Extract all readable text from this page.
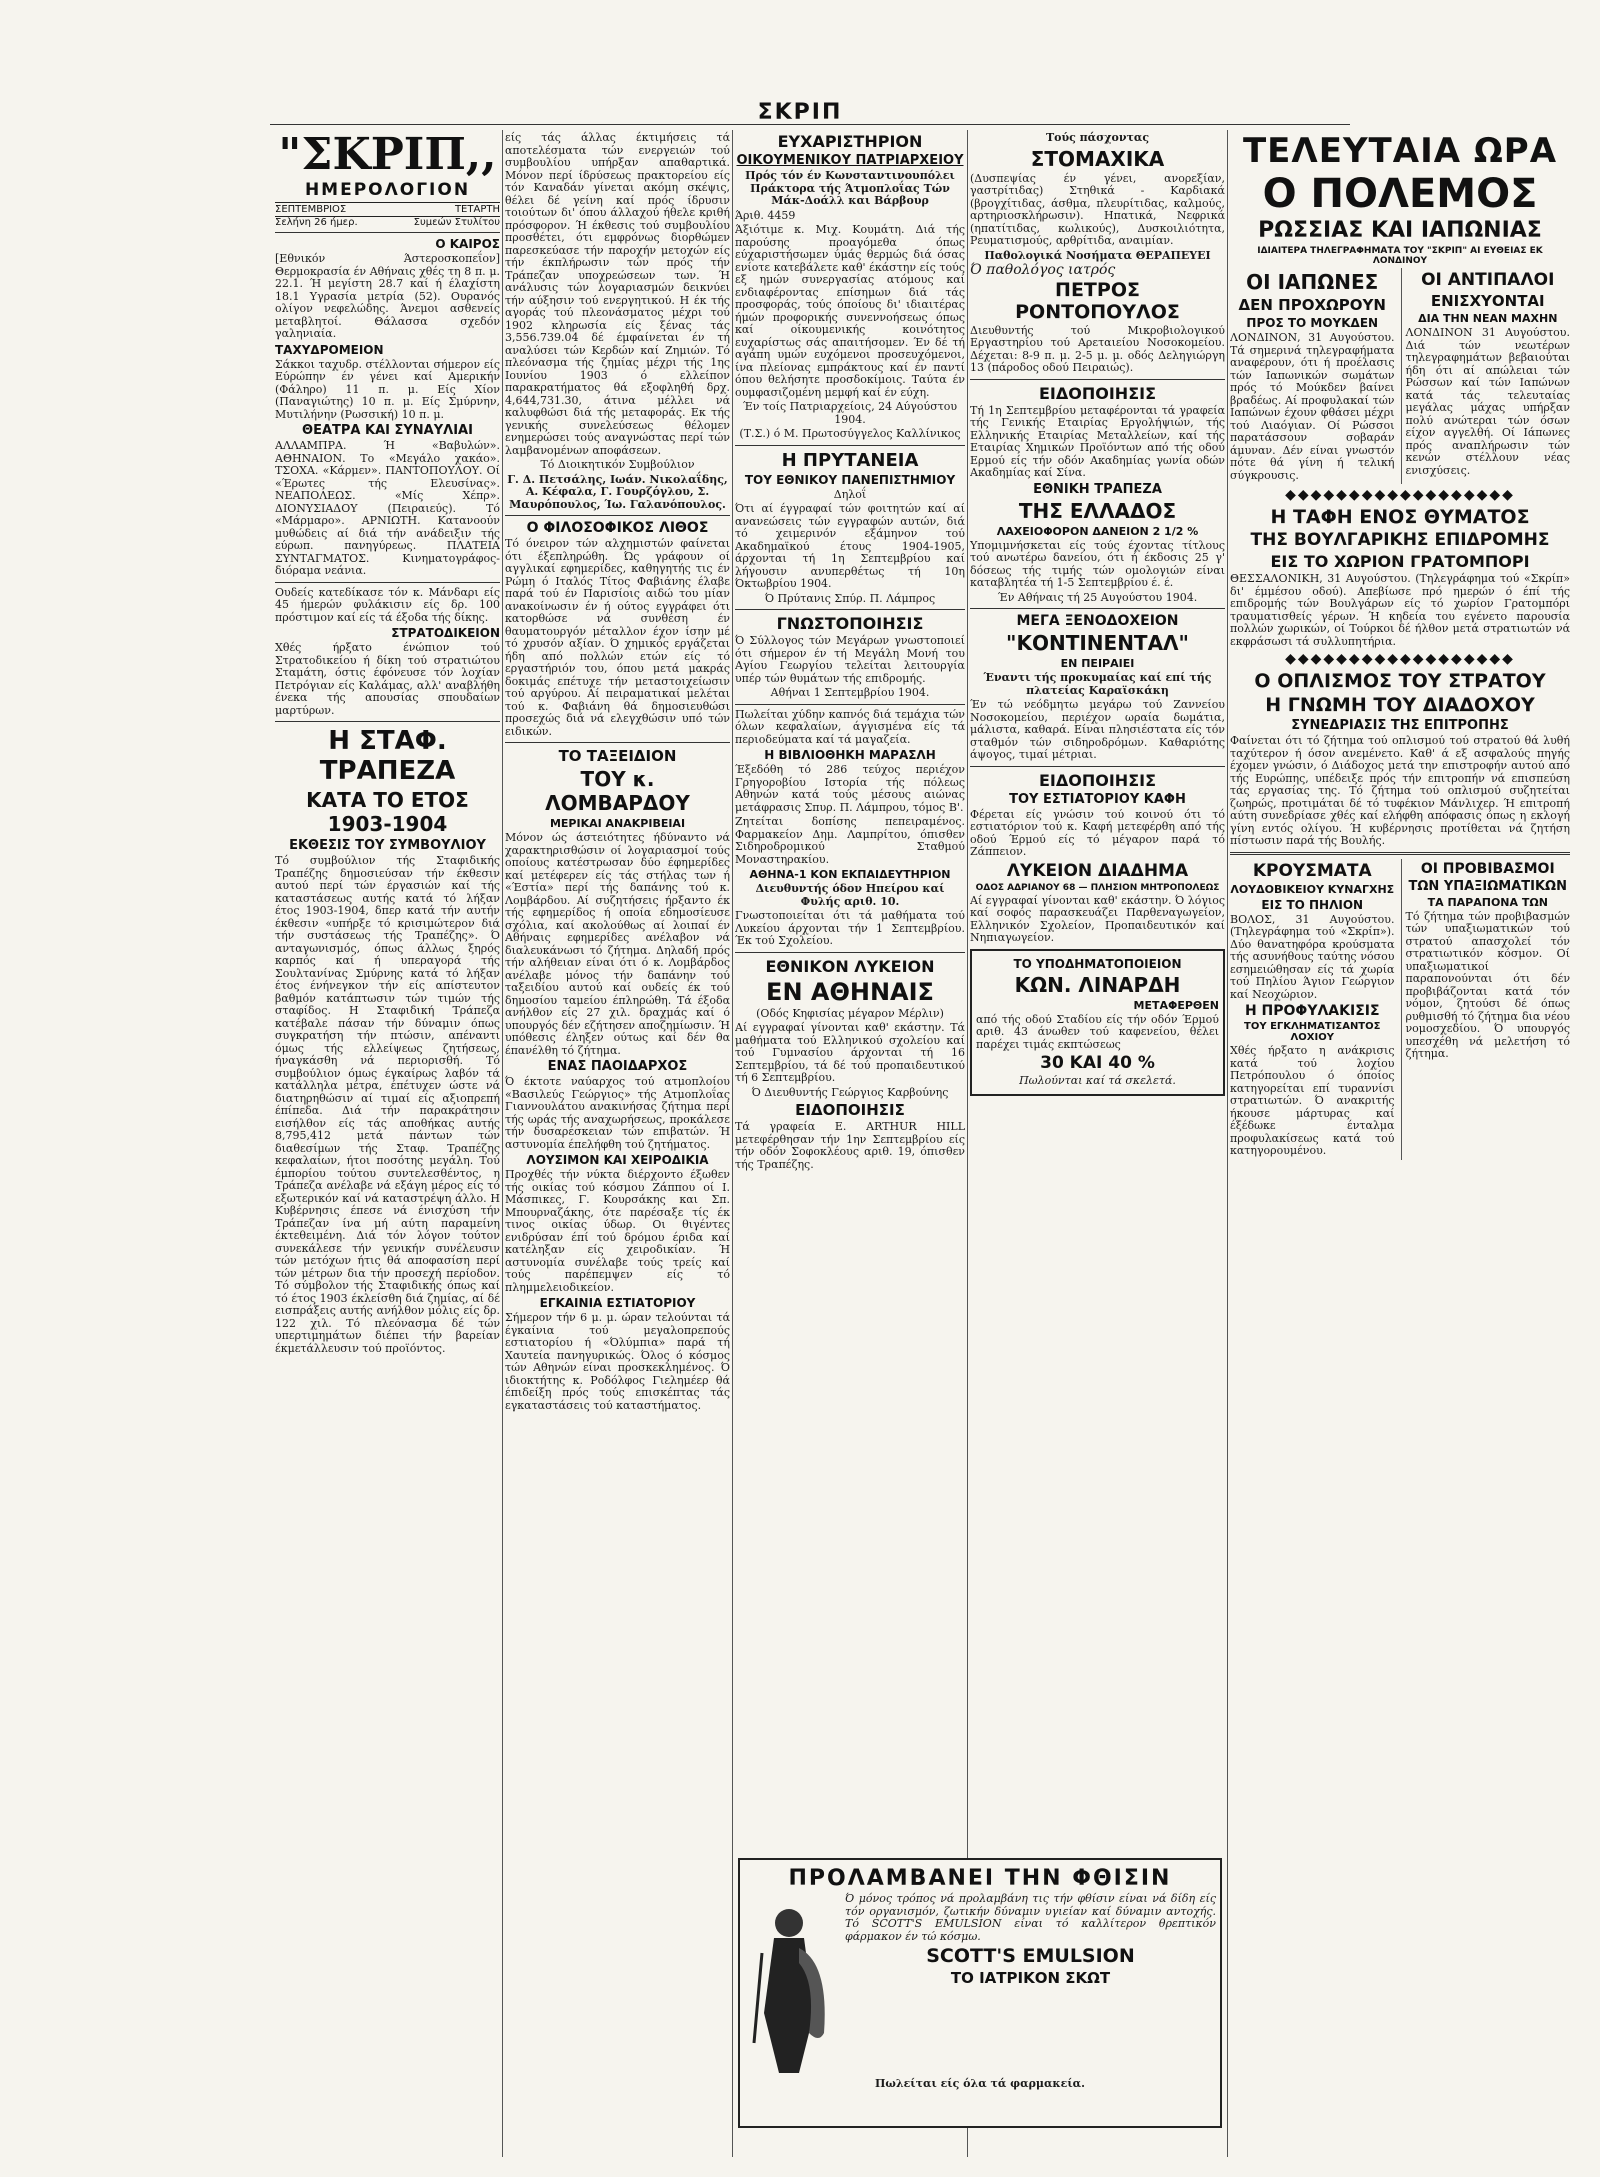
ΣΚΡΙΠ
"ΣΚΡΙΠ,,
ΗΜΕΡΟΛΟΓΙΟΝ
ΣΕΠΤΕΜΒΡΙΟΣ	ΤΕΤΑΡΤΗ
Σελήνη 26 ήμερ.	Συμεών Στυλίτου
Ο ΚΑΙΡΟΣ
[Εθνικόν Άστεροσκοπεΐον] Θερμοκρασία έν Αθήναις χθές τη 8 π. μ. 22.1. Ή μεγίστη 28.7 καί ή έλαχίστη 18.1 Υγρασία μετρία (52). Ουρανός ολίγον νεφελώδης. Άνεμοι ασθενείς μεταβλητοί. Θάλασσα σχεδόν γαληνιαία.
ΤΑΧΥΔΡΟΜΕΙΟΝ
Σάκκοι ταχυδρ. στέλλονται σήμερον είς Εύρώπην έν γένει καί Αμερικήν (Φάληρο) 11 π. μ. Είς Χίον (Παναγιώτης) 10 π. μ. Είς Σμύρνην, Μυτιλήνην (Ρωσσική) 10 π. μ.
ΘΕΑΤΡΑ ΚΑΙ ΣΥΝΑΥΛΙΑΙ
ΑΛΛΑΜΠΡΑ. Ή «Βαβυλών». ΑΘΗΝΑΙΟΝ. Το «Μεγάλο χακάο». ΤΣΟΧΑ. «Κάρμεν». ΠΑΝΤΟΠΟΥΛΟΥ. Οί «Έρωτες τής Ελευσίνας». ΝΕΑΠΟΛΕΩΣ. «Μίς Χέπρ». ΔΙΟΝΥΣΙΑΔΟΥ (Πειραιεύς). Τό «Μάρμαρο». ΑΡΝΙΩΤΗ. Κατανοούν μυθώδεις αί διά τήν ανάδειξιν τής εύρωπ. πανηγύρεως. ΠΛΑΤΕΙΑ ΣΥΝΤΑΓΜΑΤΟΣ. Κινηματογράφος-διόραμα νεάνια.
Ουδείς κατεδίκασε τόν κ. Μάνδαρι είς 45 ήμερών φυλάκισιν είς δρ. 100 πρόστιμον καί είς τά έξοδα τής δίκης.
ΣΤΡΑΤΟΔΙΚΕΙΟΝ
Χθές ήρξατο ένώπιον τού Στρατοδικείου ή δίκη τού στρατιώτου Σταμάτη, όστις έφόνευσε τόν λοχίαν Πετρόγιαν είς Καλάμας, αλλ' αναβλήθη ένεκα τής απουσίας σπουδαίων μαρτύρων.
Η ΣΤΑΦ. ΤΡΑΠΕΖΑ
ΚΑΤΑ ΤΟ ΕΤΟΣ 1903-1904
ΕΚΘΕΣΙΣ ΤΟΥ ΣΥΜΒΟΥΛΙΟΥ
Τό συμβούλιον τής Σταφιδικής Τραπέζης δημοσιεύσαν τήν έκθεσιν αυτού περί τών έργασιών καί τής καταστάσεως αυτής κατά τό λήξαν έτος 1903-1904, δπερ κατά τήν αυτήν έκθεσιν «υπήρξε τό κρισιμώτερον διά τήν συστάσεως τής Τραπέζης». Ό ανταγωνισμός, όπως άλλως ξηρός καρπός καί ή υπεραγορά τής Σουλτανίνας Σμύρνης κατά τό λήξαν έτος ένήνεγκον τήν είς απίστευτον βαθμόν κατάπτωσιν τών τιμών τής σταφίδος. Η Σταφιδική Τράπεζα κατέβαλε πάσαν τήν δύναμιν όπως συγκρατήση τήν πτώσιν, απέναντι όμως τής ελλείψεως ζητήσεως, ήναγκάσθη νά περιορισθή. Τό συμβούλιον όμως έγκαίρως λαβόν τά κατάλληλα μέτρα, έπέτυχεν ώστε νά διατηρηθώσιν αί τιμαί είς αξιοπρεπή έπίπεδα. Διά τήν παρακράτησιν εισήλθον είς τάς αποθήκας αυτής 8,795,412 μετά πάντων τών διαθεσίμων τής Σταφ. Τραπέζης κεφαλαίων, ήτοι ποσότης μεγάλη. Τού έμπορίου τούτου συντελεσθέντος, η Τράπεζα ανέλαβε νά εξάγη μέρος είς τό εξωτερικόν καί νά καταστρέψη άλλο. Η Κυβέρνησις έπεσε νά ένισχύση τήν Τράπεζαν ίνα μή αύτη παραμείνη έκτεθειμένη. Διά τόν λόγον τούτον συνεκάλεσε τήν γενικήν συνέλευσιν τών μετόχων ήτις θά αποφασίση περί τών μέτρων δια τήν προσεχή περίοδον. Τό σύμβολον τής Σταφιδικής όπως καί τό έτος 1903 έκλείσθη διά ζημίας, αί δέ εισπράξεις αυτής ανήλθον μόλις είς δρ. 122 χιλ. Τό πλεόνασμα δέ τών υπερτιμημάτων διέπει τήν βαρείαν έκμετάλλευσιν τού προϊόντος.
είς τάς άλλας έκτιμήσεις τά αποτελέσματα τών ενεργειών τού συμβουλίου υπήρξαν απαθαρτικά. Μόνον περί ίδρύσεως πρακτορείου είς τόν Καναδάν γίνεται ακόμη σκέψις, θέλει δέ γείνη καί πρός ίδρυσιν τοιούτων δι' όπου άλλαχού ήθελε κριθή πρόσφορον. Ή έκθεσις τού συμβουλίου προσθέτει, ότι εμφρόνως διορθώμεν παρεσκεύασε τήν παροχήν μετοχών είς τήν έκπλήρωσιν τών πρός τήν Τράπεζαν υποχρεώσεων των. Ή ανάλυσις τών λογαριασμών δεικνύει τήν αύξησιν τού ενεργητικού. Η έκ τής αγοράς τού πλεονάσματος μέχρι τού 1902 κληρωσία είς ξένας τάς 3,556.739.04 δέ έμφαίνεται έν τή αναλύσει τών Κερδών καί Ζημιών. Τό πλεόνασμα τής ζημίας μέχρι τής 1ης Ιουνίου 1903 ό ελλείπον παρακρατήματος θά εξοφληθή δρχ. 4,644,731.30, άτινα μέλλει νά καλυφθώσι διά τής μεταφοράς. Εκ τής γενικής συνελεύσεως θέλομεν ενημερώσει τούς αναγνώστας περί τών λαμβανομένων αποφάσεων.
Τό Διοικητικόν Συμβούλιον
Γ. Δ. Πετσάλης, Ιωάν. Νικολαΐδης, Α. Κέφαλα, Γ. Γουρζόγλου, Σ. Μαυρόπουλος, Ίω. Γαλανόπουλος.
Ο ΦΙΛΟΣΟΦΙΚΟΣ ΛΙΘΟΣ
Τό όνειρον τών αλχημιστών φαίνεται ότι έξεπληρώθη. Ώς γράφουν οί αγγλικαί εφημερίδες, καθηγητής τις έν Ρώμη ό Ιταλός Τίτος Φαβιάνης έλαβε παρά τού έν Παρισίοις αιδώ του μίαν ανακοίνωσιν έν ή ούτος εγγράφει ότι κατορθώσε νά συνθέση έν θαυματουργόν μέταλλον έχον ίσην μέ τό χρυσόν αξίαν. Ό χημικός εργάζεται ήδη από πολλών ετών είς τό εργαστήριόν του, όπου μετά μακράς δοκιμάς επέτυχε τήν μεταστοιχείωσιν τού αργύρου. Αί πειραματικαί μελέται τού κ. Φαβιάνη θά δημοσιευθώσι προσεχώς διά νά ελεγχθώσιν υπό τών ειδικών.
ΤΟ ΤΑΞΕΙΔΙΟΝ
ΤΟΥ κ. ΛΟΜΒΑΡΔΟΥ
ΜΕΡΙΚΑΙ ΑΝΑΚΡΙΒΕΙΑΙ
Μόνον ώς άστειότητες ήδύναντο νά χαρακτηρισθώσιν οί λογαριασμοί τούς οποίους κατέστρωσαν δύο έφημερίδες καί μετέφερεν είς τάς στήλας των ή «Έστία» περί τής δαπάνης τού κ. Λομβάρδου. Αί συζητήσεις ήρξαντο έκ τής εφημερίδος ή οποία εδημοσίευσε σχόλια, καί ακολούθως αί λοιπαί έν Αθήναις εφημερίδες ανέλαβον νά διαλευκάνωσι τό ζήτημα. Δηλαδή πρός τήν αλήθειαν είναι ότι ό κ. Λομβάρδος ανέλαβε μόνος τήν δαπάνην τού ταξειδίου αυτού καί ουδείς έκ τού δημοσίου ταμείου έπληρώθη. Τά έξοδα ανήλθον είς 27 χιλ. δραχμάς καί ό υπουργός δέν εζήτησεν αποζημίωσιν. Ή υπόθεσις έληξεν ούτως καί δέν θα έπανέλθη τό ζήτημα.
ΕΝΑΣ ΠΑΟΙΔΑΡΧΟΣ
Ό έκτοτε ναύαρχος τού ατμοπλοίου «Βασιλεύς Γεώργιος» τής Ατμοπλοΐας Γιαννουλάτου ανακινήσας ζήτημα περί τής ωράς τής αναχωρήσεως, προκάλεσε τήν δυσαρέσκειαν τών επιβατών. Ή αστυνομία έπελήφθη τού ζητήματος.
ΛΟΥΣΙΜΟΝ ΚΑΙ ΧΕΙΡΟΔΙΚΙΑ
Προχθές τήν νύκτα διέρχοντο έξωθεν τής οικίας τού κόσμου Ζάππου οί Ι. Μάσπικες, Γ. Κουρσάκης και Σπ. Μπουρναζάκης, ότε παρέσαξε τίς έκ τινος οικίας ύδωρ. Οι θιγέντες ενιδρύσαν έπί τού δρόμου έριδα καί κατέληξαν είς χειροδικίαν. Ή αστυνομία συνέλαβε τούς τρείς καί τούς παρέπεμψεν είς τό πλημμελειοδικείον.
ΕΓΚΑΙΝΙΑ ΕΣΤΙΑΤΟΡΙΟΥ
Σήμερον τήν 6 μ. μ. ώραν τελούνται τά έγκαίνια τού μεγαλοπρεπούς εστιατορίου ή «Όλύμπια» παρά τή Χαυτεία πανηγυρικώς. Όλος ό κόσμος τών Αθηνών είναι προσκεκλημένος. Ό ιδιοκτήτης κ. Ροδόλφος Γιελημέερ θά έπιδείξη πρός τούς επισκέπτας τάς εγκαταστάσεις τού καταστήματος.
ΕΥΧΑΡΙΣΤΗΡΙΟΝ
ΟΙΚΟΥΜΕΝΙΚΟΥ ΠΑΤΡΙΑΡΧΕΙΟΥ
Πρός τόν έν Κωνσταντινουπόλει Πράκτορα τής Άτμοπλοΐας Τών Μάκ-Δοάλλ και Βάρβουρ
Άριθ. 4459
Άξιότιμε κ. Μιχ. Κουμάτη. Διά τής παρούσης προαγόμεθα όπως εύχαριστήσωμεν ύμάς θερμώς διά όσας ενίοτε κατεβάλετε καθ' έκάστην είς τούς εξ ημών συνεργασίας ατόμους καί ενδιαφέροντας επίσημων διά τάς προσφοράς, τούς όποίους δι' ιδιαιτέρας ήμών προφορικής συνεννοήσεως όπως καί οίκουμενικής κοινότητος ευχαρίστως σάς απαιτήσομεν. Έν δέ τή αγάπη υμών ευχόμενοι προσευχόμενοι, ίνα πλείονας εμπράκτους καί έν παντί όπου θελήσητε προσδοκίμοις. Ταύτα έν ουμφασιζομένη μεμφή καί έν εύχη.
Έν τοίς Πατριαρχείοις, 24 Αύγούστου 1904.
(Τ.Σ.) ό Μ. Πρωτοσύγγελος Καλλίνικος
Η ΠΡΥΤΑΝΕΙΑ
ΤΟΥ ΕΘΝΙΚΟΥ ΠΑΝΕΠΙΣΤΗΜΙΟΥ
Δηλοΐ
Ότι αί έγγραφαί τών φοιτητών καί αί ανανεώσεις τών εγγραφών αυτών, διά τό χειμερινόν εξάμηνον τού Ακαδημαϊκού έτους 1904-1905, άρχονται τή 1η Σεπτεμβρίου καί λήγουσιν ανυπερθέτως τή 10η Όκτωβρίου 1904.
Ό Πρύτανις Σπύρ. Π. Λάμπρος
ΓΝΩΣΤΟΠΟΙΗΣΙΣ
Ό Σύλλογος τών Μεγάρων γνωστοποιεί ότι σήμερον έν τή Μεγάλη Μονή του Αγίου Γεωργίου τελείται λειτουργία υπέρ τών θυμάτων τής επιδρομής.
Αθήναι 1 Σεπτεμβρίου 1904.
Πωλείται χύδην καπνός διά τεμάχια τών όλων κεφαλαίων, άγγισμένα είς τά περιοδεύματα καί τά μαγαζεία.
Η ΒΙΒΛΙΟΘΗΚΗ ΜΑΡΑΣΛΗ
Έξεδόθη τό 286 τεύχος περιέχον Γρηγοροβίου Ιστορία τής πόλεως Αθηνών κατά τούς μέσους αιώνας μετάφρασις Σπυρ. Π. Λάμπρου, τόμος Β'.
Ζητείται δοπίσης πεπειραμένος. Φαρμακείον Δημ. Λαμπρίτου, όπισθεν Σιδηροδρομικού Σταθμού Μοναστηρακίου.
ΑΘΗΝΑ-1 ΚΟΝ ΕΚΠΑΙΔΕΥΤΗΡΙΟΝ
Διευθυντής όδον Ηπείρου καί Φυλής αριθ. 10.
Γνωστοποιείται ότι τά μαθήματα τού Λυκείου άρχονται τήν 1 Σεπτεμβρίου. Έκ τού Σχολείου.
ΕΘΝΙΚΟΝ ΛΥΚΕΙΟΝ
ΕΝ ΑΘΗΝΑΙΣ
(Οδός Κηφισίας μέγαρον Μέρλιν)
Αί εγγραφαί γίνονται καθ' εκάστην. Τά μαθήματα τού Ελληνικού σχολείου καί τού Γυμνασίου άρχονται τή 16 Σεπτεμβρίου, τά δέ τού προπαιδευτικού τή 6 Σεπτεμβρίου.
Ό Διευθυντής Γεώργιος Καρβούνης
ΕΙΔΟΠΟΙΗΣΙΣ
Τά γραφεία Ε. ARTHUR HILL μετεφέρθησαν τήν 1ην Σεπτεμβρίου είς τήν οδόν Σοφοκλέους αριθ. 19, όπισθεν τής Τραπέζης.
Τούς πάσχοντας
ΣΤΟΜΑΧΙΚΑ
(Δυσπεψίας έν γένει, ανορεξίαν, γαστρίτιδας) Στηθικά - Καρδιακά (βρογχίτιδας, άσθμα, πλευρίτιδας, καλμούς, αρτηριοσκλήρωσιν). Ηπατικά, Νεφρικά (ηπατίτιδας, κωλικούς), Δυσκοιλιότητα, Ρευματισμούς, αρθρίτιδα, αναιμίαν.
Παθολογικά Νοσήματα ΘΕΡΑΠΕΥΕΙ
Ό παθολόγος ιατρός
ΠΕΤΡΟΣ ΡΟΝΤΟΠΟΥΛΟΣ
Διευθυντής τού Μικροβιολογικού Εργαστηρίου τού Αρεταιείου Νοσοκομείου. Δέχεται: 8-9 π. μ. 2-5 μ. μ. οδός Δεληγιώργη 13 (πάροδος οδού Πειραιώς).
ΕΙΔΟΠΟΙΗΣΙΣ
Τή 1η Σεπτεμβρίου μεταφέρονται τά γραφεία τής Γενικής Εταιρίας Εργολήψιών, τής Ελληνικής Εταιρίας Μεταλλείων, καί τής Εταιρίας Χημικών Προϊόντων από τής οδού Ερμού είς τήν οδόν Ακαδημίας γωνία οδών Ακαδημίας καί Σίνα.
ΕΘΝΙΚΗ ΤΡΑΠΕΖΑ
ΤΗΣ ΕΛΛΑΔΟΣ
ΛΑΧΕΙΟΦΟΡΟΝ ΔΑΝΕΙΟΝ 2 1/2 %
Υπομιμνήσκεται είς τούς έχοντας τίτλους τού ανωτέρω δανείου, ότι ή έκδοσις 25 γ' δόσεως τής τιμής τών ομολογιών είναι καταβλητέα τή 1-5 Σεπτεμβρίου έ. έ.
Έν Αθήναις τή 25 Αυγούστου 1904.
ΜΕΓΑ ΞΕΝΟΔΟΧΕΙΟΝ
"ΚΟΝΤΙΝΕΝΤΑΛ"
ΕΝ ΠΕΙΡΑΙΕΙ
Έναντι τής προκυμαίας καί επί τής πλατείας Καραϊσκάκη
Έν τώ νεόδμητω μεγάρω τού Ζαννείου Νοσοκομείου, περιέχον ωραία δωμάτια, μάλιστα, καθαρά. Είναι πλησιέστατα είς τόν σταθμόν τών σιδηροδρόμων. Καθαριότης άψογος, τιμαί μέτριαι.
ΕΙΔΟΠΟΙΗΣΙΣ
ΤΟΥ ΕΣΤΙΑΤΟΡΙΟΥ ΚΑΦΗ
Φέρεται είς γνώσιν τού κοινού ότι τό εστιατόριον τού κ. Καφή μετεφέρθη από τής οδού Έρμού είς τό μέγαρον παρά τό Ζάππειον.
ΛΥΚΕΙΟΝ ΔΙΑΔΗΜΑ
ΟΔΟΣ ΑΔΡΙΑΝΟΥ 68 — ΠΛΗΣΙΟΝ ΜΗΤΡΟΠΟΛΕΩΣ
Αί εγγραφαί γίνονται καθ' εκάστην. Ό λόγιος καί σοφός παρασκευάζει Παρθεναγωγείον, Ελληνικόν Σχολείον, Προπαιδευτικόν καί Νηπιαγωγείον.
ΤΟ ΥΠΟΔΗΜΑΤΟΠΟΙΕΙΟΝ
ΚΩΝ. ΛΙΝΑΡΔΗ
ΜΕΤΑΦΕΡΘΕΝ
από τής οδού Σταδίου είς τήν οδόν Έρμού αριθ. 43 άνωθεν τού καφενείου, θέλει παρέχει τιμάς εκπτώσεως
30 ΚΑΙ 40 %
Πωλούνται καί τά σκελετά.
ΠΡΟΛΑΜΒΑΝΕΙ ΤΗΝ ΦΘΙΣΙΝ
Ό μόνος τρόπος νά προλαμβάνη τις τήν φθίσιν είναι νά δίδη είς τόν οργανισμόν, ζωτικήν δύναμιν υγιείαν καί δύναμιν αντοχής. Τό SCOTT'S EMULSION είναι τό καλλίτερον θρεπτικόν φάρμακον έν τώ κόσμω.
SCOTT'S EMULSION
ΤΟ ΙΑΤΡΙΚΟΝ ΣΚΩΤ
Πωλείται είς όλα τά φαρμακεία.
ΤΕΛΕΥΤΑΙΑ ΩΡΑ
Ο ΠΟΛΕΜΟΣ
ΡΩΣΣΙΑΣ ΚΑΙ ΙΑΠΩΝΙΑΣ
ΙΔΙΑΙΤΕΡΑ ΤΗΛΕΓΡΑΦΗΜΑΤΑ ΤΟΥ "ΣΚΡΙΠ" ΑΙ ΕΥΘΕΙΑΣ ΕΚ ΛΟΝΔΙΝΟΥ
ΟΙ ΙΑΠΩΝΕΣ
ΔΕΝ ΠΡΟΧΩΡΟΥΝ
ΠΡΟΣ ΤΟ ΜΟΥΚΔΕΝ
ΛΟΝΔΙΝΟΝ, 31 Αυγούστου. Τά σημερινά τηλεγραφήματα αναφέρουν, ότι ή προέλασις τών Ιαπωνικών σωμάτων πρός τό Μούκδεν βαίνει βραδέως. Αί προφυλακαί τών Ιαπώνων έχουν φθάσει μέχρι τού Λιαόγιαν. Οί Ρώσσοι παρατάσσουν σοβαράν άμυναν. Δέν είναι γνωστόν πότε θά γίνη ή τελική σύγκρουσις.
ΟΙ ΑΝΤΙΠΑΛΟΙ
ΕΝΙΣΧΥΟΝΤΑΙ
ΔΙΑ ΤΗΝ ΝΕΑΝ ΜΑΧΗΝ
ΛΟΝΔΙΝΟΝ 31 Αυγούστου. Διά τών νεωτέρων τηλεγραφημάτων βεβαιούται ήδη ότι αί απώλειαι τών Ρώσσων καί τών Ιαπώνων κατά τάς τελευταίας μεγάλας μάχας υπήρξαν πολύ ανώτεραι τών όσων είχον αγγελθή. Οί Ιάπωνες πρός αναπλήρωσιν τών κενών στέλλουν νέας ενισχύσεις.
◆◆◆◆◆◆◆◆◆◆◆◆◆◆◆◆◆◆
Η ΤΑΦΗ ΕΝΟΣ ΘΥΜΑΤΟΣ
ΤΗΣ ΒΟΥΛΓΑΡΙΚΗΣ ΕΠΙΔΡΟΜΗΣ
ΕΙΣ ΤΟ ΧΩΡΙΟΝ ΓΡΑΤΟΜΠΟΡΙ
ΘΕΣΣΑΛΟΝΙΚΗ, 31 Αυγούστου. (Τηλεγράφημα τού «Σκρίπ» δι' έμμέσου οδού). Απεβίωσε πρό ημερών ό έπί τής επιδρομής τών Βουλγάρων είς τό χωρίον Γρατομπόρι τραυματισθείς γέρων. Ή κηδεία του εγένετο παρουσία πολλών χωρικών, οί Τούρκοι δέ ήλθον μετά στρατιωτών νά εκφράσωσι τά συλλυπητήρια.
◆◆◆◆◆◆◆◆◆◆◆◆◆◆◆◆◆◆
Ο ΟΠΛΙΣΜΟΣ ΤΟΥ ΣΤΡΑΤΟΥ
Η ΓΝΩΜΗ ΤΟΥ ΔΙΑΔΟΧΟΥ
ΣΥΝΕΔΡΙΑΣΙΣ ΤΗΣ ΕΠΙΤΡΟΠΗΣ
Φαίνεται ότι τό ζήτημα τού οπλισμού τού στρατού θά λυθή ταχύτερον ή όσον ανεμένετο. Καθ' ά εξ ασφαλούς πηγής έχομεν γνώσιν, ό Διάδοχος μετά την επιστροφήν αυτού από τής Ευρώπης, υπέδειξε πρός τήν επιτροπήν νά επισπεύση τάς εργασίας της. Τό ζήτημα τού οπλισμού συζητείται ζωηρώς, προτιμάται δέ τό τυφέκιον Μάνλιχερ. Ή επιτροπή αύτη συνεδρίασε χθές καί ελήφθη απόφασις όπως η εκλογή γίνη εντός ολίγου. Ή κυβέρνησις προτίθεται νά ζητήση πίστωσιν παρά τής Βουλής.
ΚΡΟΥΣΜΑΤΑ
ΛΟΥΔΟΒΙΚΕΙΟΥ ΚΥΝΑΓΧΗΣ
ΕΙΣ ΤΟ ΠΗΛΙΟΝ
ΒΟΛΟΣ, 31 Αυγούστου. (Τηλεγράφημα τού «Σκρίπ»). Δύο θανατηφόρα κρούσματα τής ασυνήθους ταύτης νόσου εσημειώθησαν είς τά χωρία τού Πηλίου Άγιον Γεώργιον καί Νεοχώριον.
Η ΠΡΟΦΥΛΑΚΙΣΙΣ
ΤΟΥ ΕΓΚΛΗΜΑΤΙΣΑΝΤΟΣ ΛΟΧΙΟΥ
Χθές ήρξατο η ανάκρισις κατά τού λοχίου Πετρόπουλου ό όποίος κατηγορείται επί τυραννίσι στρατιωτών. Ό ανακριτής ήκουσε μάρτυρας καί έξέδωκε ένταλμα προφυλακίσεως κατά τού κατηγορουμένου.
ΟΙ ΠΡΟΒΙΒΑΣΜΟΙ
ΤΩΝ ΥΠΑΞΙΩΜΑΤΙΚΩΝ
ΤΑ ΠΑΡΑΠΟΝΑ ΤΩΝ
Τό ζήτημα τών προβιβασμών τών υπαξιωματικών τού στρατού απασχολεί τόν στρατιωτικόν κόσμον. Οί υπαξιωματικοί παραπονούνται ότι δέν προβιβάζονται κατά τόν νόμον, ζητούσι δέ όπως ρυθμισθή τό ζήτημα δια νέου νομοσχεδίου. Ό υπουργός υπεσχέθη νά μελετήση τό ζήτημα.
